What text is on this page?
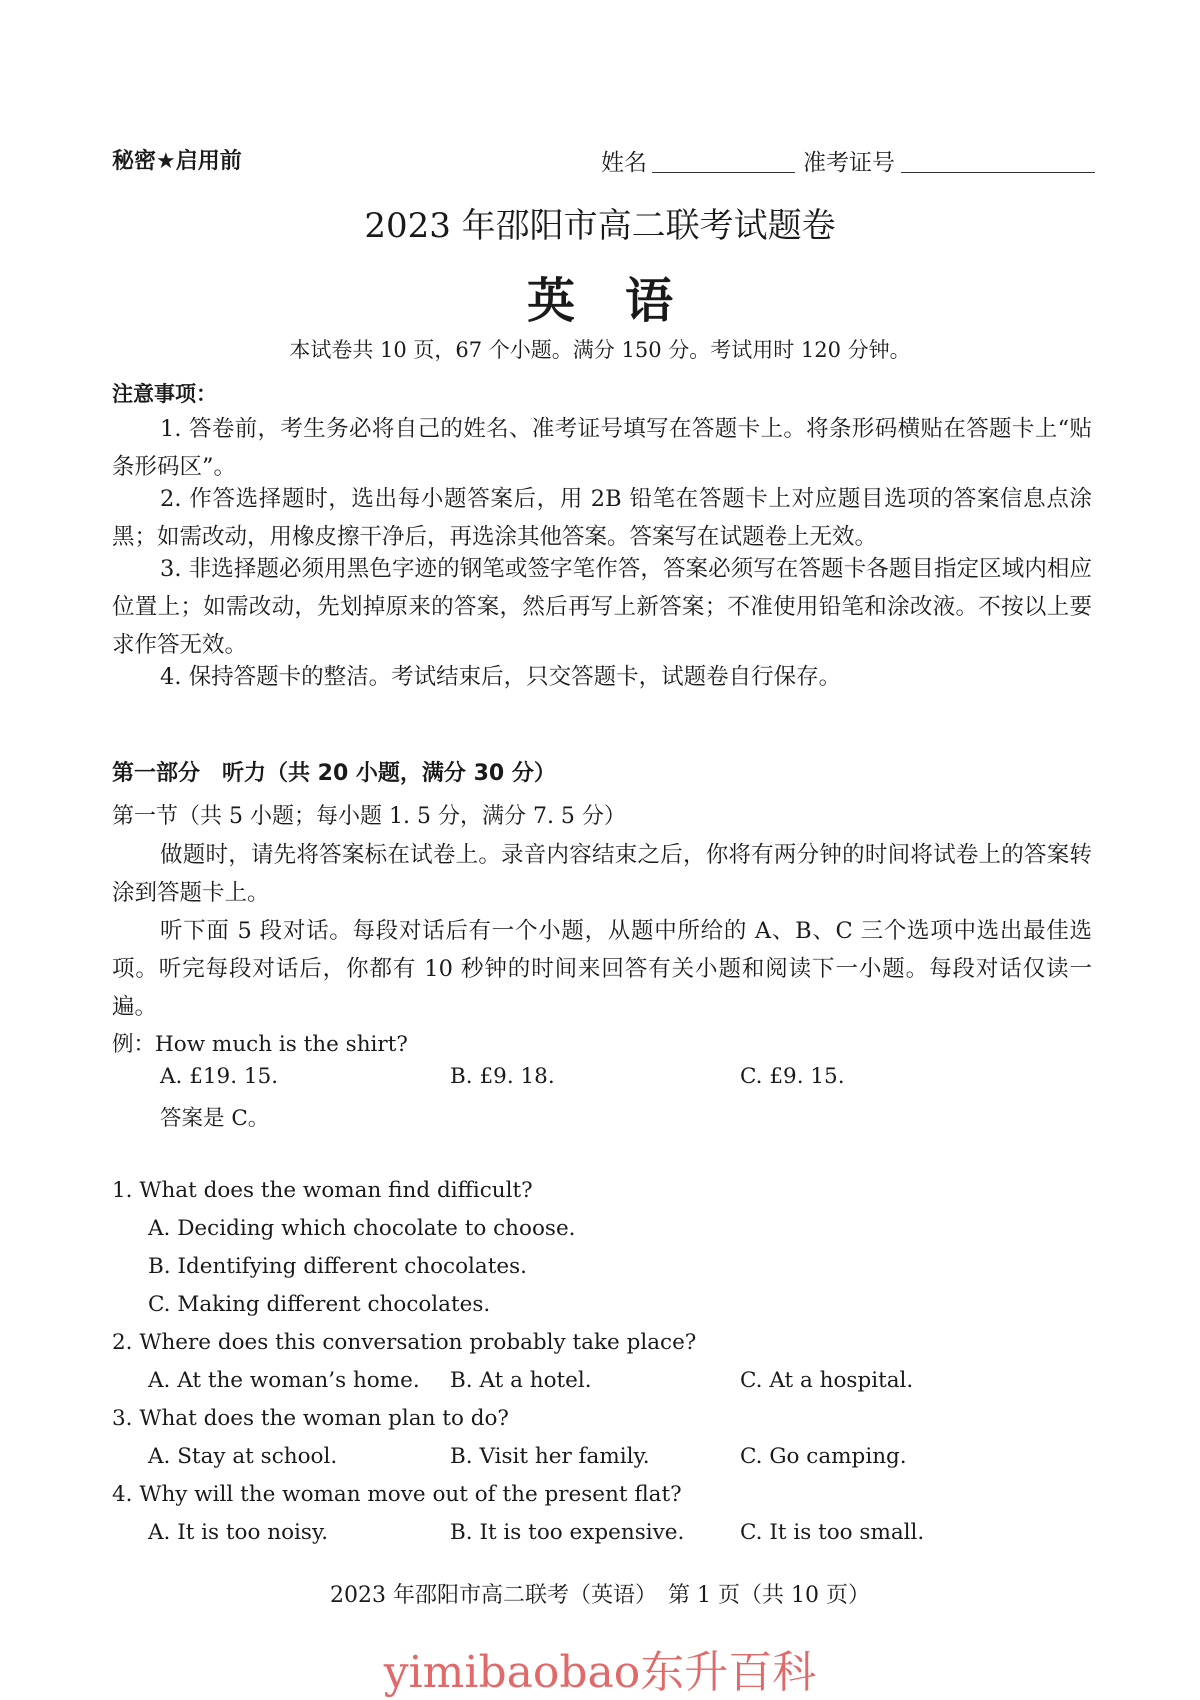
秘密★启用前	姓名	准考证号
2023 年邵阳市高二联考试题卷
英语
本试卷共 10 页，67 个小题。满分 150 分。考试用时 120 分钟。
注意事项：
1. 答卷前，考生务必将自己的姓名、准考证号填写在答题卡上。将条形码横贴在答题卡上“贴条形码区”。
2. 作答选择题时，选出每小题答案后，用 2B 铅笔在答题卡上对应题目选项的答案信息点涂黑；如需改动，用橡皮擦干净后，再选涂其他答案。答案写在试题卷上无效。
3. 非选择题必须用黑色字迹的钢笔或签字笔作答，答案必须写在答题卡各题目指定区域内相应位置上；如需改动，先划掉原来的答案，然后再写上新答案；不准使用铅笔和涂改液。不按以上要求作答无效。
4. 保持答题卡的整洁。考试结束后，只交答题卡，试题卷自行保存。
第一部分　听力（共 20 小题，满分 30 分）
第一节（共 5 小题；每小题 1. 5 分，满分 7. 5 分）
做题时，请先将答案标在试卷上。录音内容结束之后，你将有两分钟的时间将试卷上的答案转涂到答题卡上。
听下面 5 段对话。每段对话后有一个小题，从题中所给的 A、B、C 三个选项中选出最佳选项。听完每段对话后，你都有 10 秒钟的时间来回答有关小题和阅读下一小题。每段对话仅读一遍。
例：How much is the shirt?
A. £19. 15.	B. £9. 18.	C. £9. 15.
答案是 C。
1. What does the woman find difficult?
A. Deciding which chocolate to choose.
B. Identifying different chocolates.
C. Making different chocolates.
2. Where does this conversation probably take place?
A. At the woman’s home. B. At a hotel.	C. At a hospital.
3. What does the woman plan to do?
A. Stay at school.	B. Visit her family.	C. Go camping.
4. Why will the woman move out of the present flat?
A. It is too noisy.	B. It is too expensive.	C. It is too small.
2023 年邵阳市高二联考（英语）　第 1 页（共 10 页）
yimibaobao东升百科
